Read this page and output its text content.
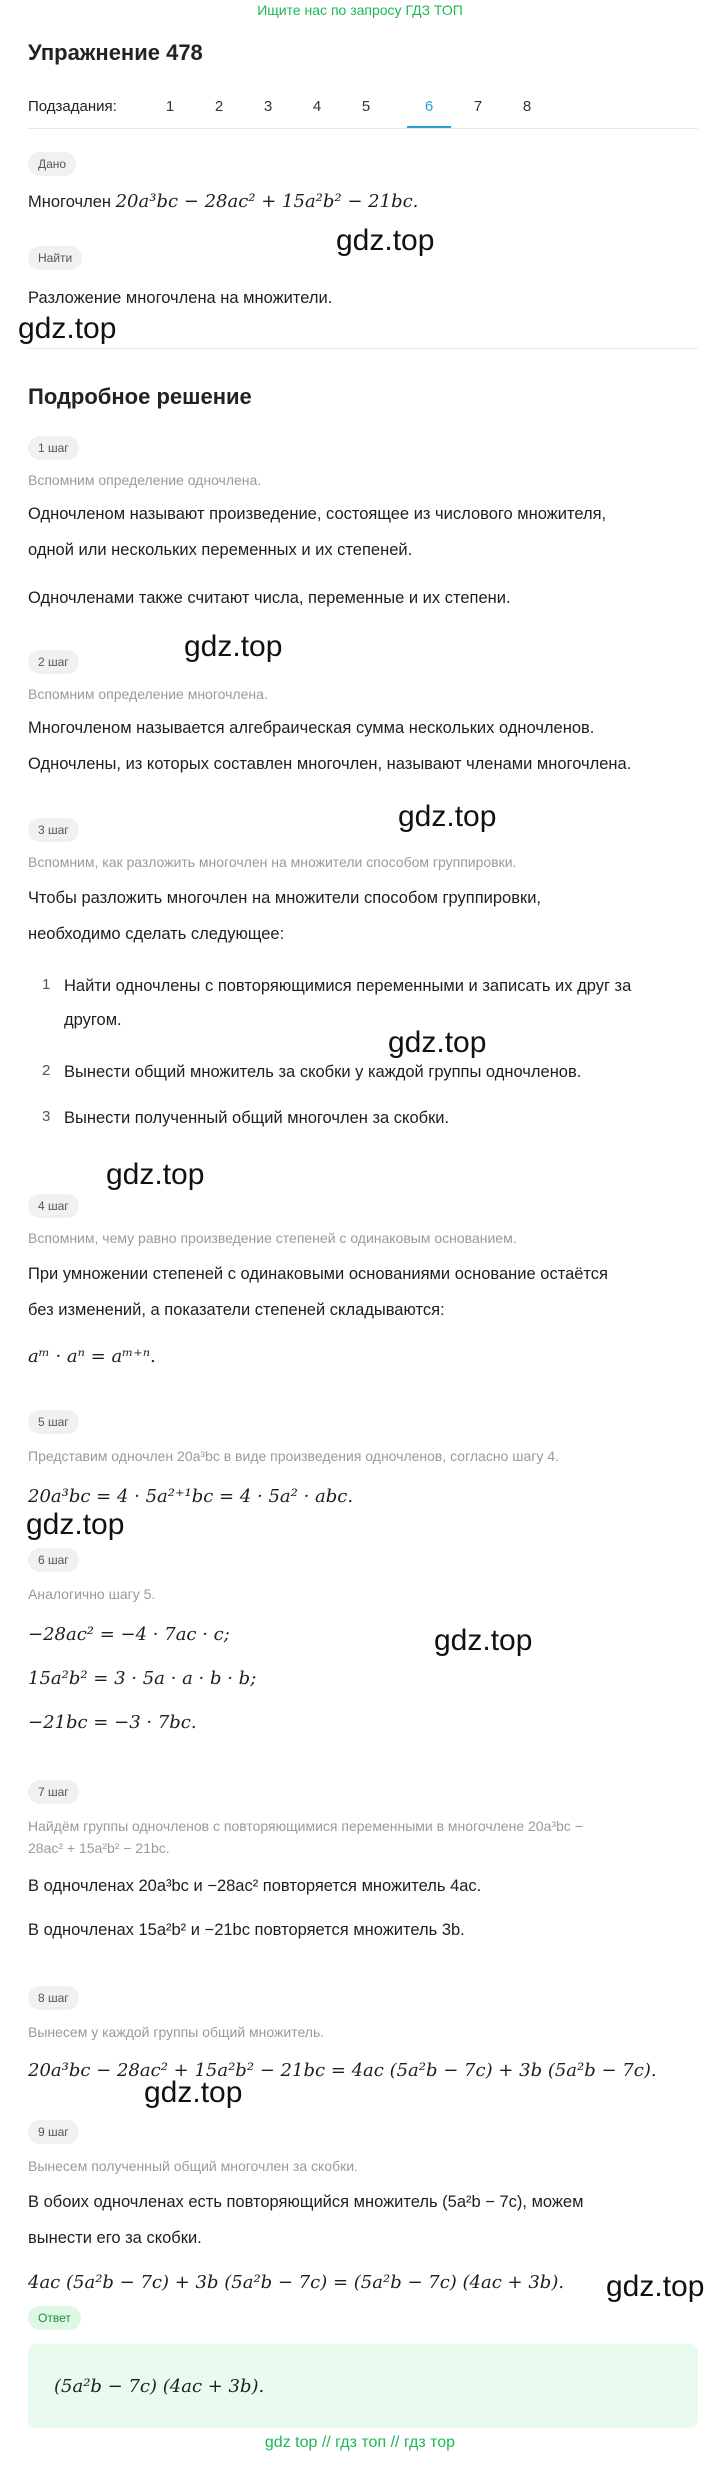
Ищите нас по запросу ГДЗ ТОП
Упражнение 478
Подзадания:	1	2	3	4	5	6	7	8
Дано
Многочлен 20a³bc − 28ac² + 15a²b² − 21bc.
Найти
Разложение многочлена на множители.
Подробное решение
1 шаг
Вспомним определение одночлена.
Одночленом называют произведение, состоящее из числового множителя,
одной или нескольких переменных и их степеней.
Одночленами также считают числа, переменные и их степени.
2 шаг
Вспомним определение многочлена.
Многочленом называется алгебраическая сумма нескольких одночленов.
Одночлены, из которых составлен многочлен, называют членами многочлена.
3 шаг
Вспомним, как разложить многочлен на множители способом группировки.
Чтобы разложить многочлен на множители способом группировки,
необходимо сделать следующее:
1 Найти одночлены с повторяющимися переменными и записать их друг за
другом.
2 Вынести общий множитель за скобки у каждой группы одночленов.
3 Вынести полученный общий многочлен за скобки.
4 шаг
Вспомним, чему равно произведение степеней с одинаковым основанием.
При умножении степеней с одинаковыми основаниями основание остаётся
без изменений, а показатели степеней складываются:
aᵐ · aⁿ = aᵐ⁺ⁿ.
5 шаг
Представим одночлен 20a³bc в виде произведения одночленов, согласно шагу 4.
20a³bc = 4 · 5a²⁺¹bc = 4 · 5a² · abc.
6 шаг
Аналогично шагу 5.
−28ac² = −4 · 7ac · c;
15a²b² = 3 · 5a · a · b · b;
−21bc = −3 · 7bc.
7 шаг
Найдём группы одночленов с повторяющимися переменными в многочлене 20a³bc −
28ac² + 15a²b² − 21bc.
В одночленах 20a³bc и −28ac² повторяется множитель 4ac.
В одночленах 15a²b² и −21bc повторяется множитель 3b.
8 шаг
Вынесем у каждой группы общий множитель.
20a³bc − 28ac² + 15a²b² − 21bc = 4ac (5a²b − 7c) + 3b (5a²b − 7c).
9 шаг
Вынесем полученный общий многочлен за скобки.
В обоих одночленах есть повторяющийся множитель (5a²b − 7c), можем
вынести его за скобки.
4ac (5a²b − 7c) + 3b (5a²b − 7c) = (5a²b − 7c) (4ac + 3b).
Ответ
(5a²b − 7c) (4ac + 3b).
gdz.top
gdz.top
gdz.top
gdz.top
gdz.top
gdz.top
gdz.top
gdz.top
gdz.top
gdz.top
gdz top // гдз топ // гдз тор
